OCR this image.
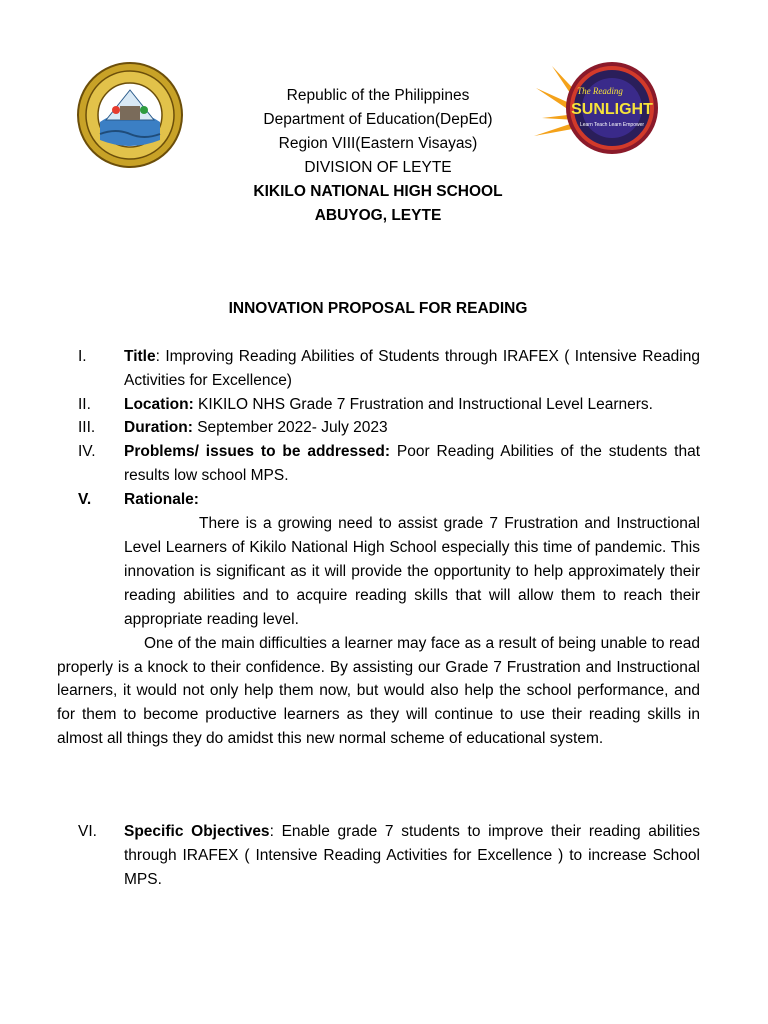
SUNLIGHT
The Reading
Learn Teach Learn Empower
Republic of the Philippines
Department of Education(DepEd)
Region VIII(Eastern Visayas)
DIVISION OF LEYTE
KIKILO NATIONAL HIGH SCHOOL
ABUYOG, LEYTE
INNOVATION PROPOSAL FOR READING
I. Title: Improving Reading Abilities of Students through IRAFEX ( Intensive Reading Activities for Excellence)
II. Location: KIKILO NHS Grade 7 Frustration and Instructional Level Learners.
III. Duration: September 2022- July 2023
IV. Problems/ issues to be addressed: Poor Reading Abilities of the students that results low school MPS.
V. Rationale:
There is a growing need to assist grade 7 Frustration and Instructional Level Learners of Kikilo National High School especially this time of pandemic. This innovation is significant as it will provide the opportunity to help approximately their reading abilities and to acquire reading skills that will allow them to reach their appropriate reading level.
One of the main difficulties a learner may face as a result of being unable to read properly is a knock to their confidence. By assisting our Grade 7 Frustration and Instructional learners, it would not only help them now, but would also help the school performance, and for them to become productive learners as they will continue to use their reading skills in almost all things they do amidst this new normal scheme of educational system.
VI. Specific Objectives: Enable grade 7 students to improve their reading abilities through IRAFEX ( Intensive Reading Activities for Excellence ) to increase School MPS.
